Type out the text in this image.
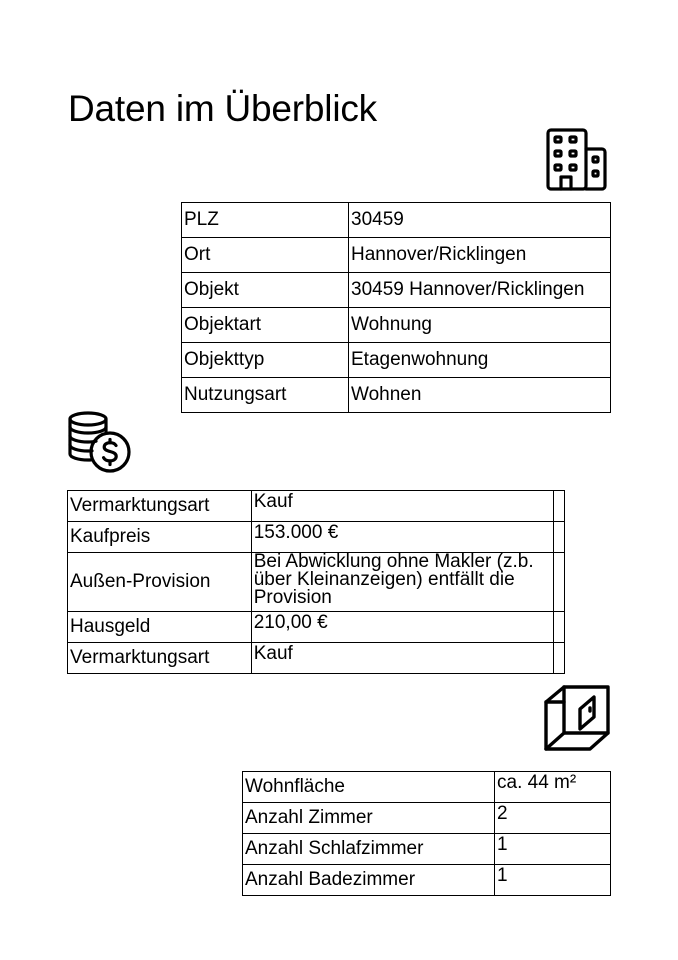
Daten im Überblick
PLZ	30459
Ort	Hannover/Ricklingen
Objekt	30459 Hannover/Ricklingen
Objektart	Wohnung
Objekttyp	Etagenwohnung
Nutzungsart	Wohnen
Vermarktungsart	Kauf	
Kaufpreis	153.000 €	
Außen-Provision	Bei Abwicklung ohne Makler (z.b. über Kleinanzeigen) entfällt die Provision	
Hausgeld	210,00 €	
Vermarktungsart	Kauf	
Wohnfläche	ca. 44 m²
Anzahl Zimmer	2
Anzahl Schlafzimmer	1
Anzahl Badezimmer	1
